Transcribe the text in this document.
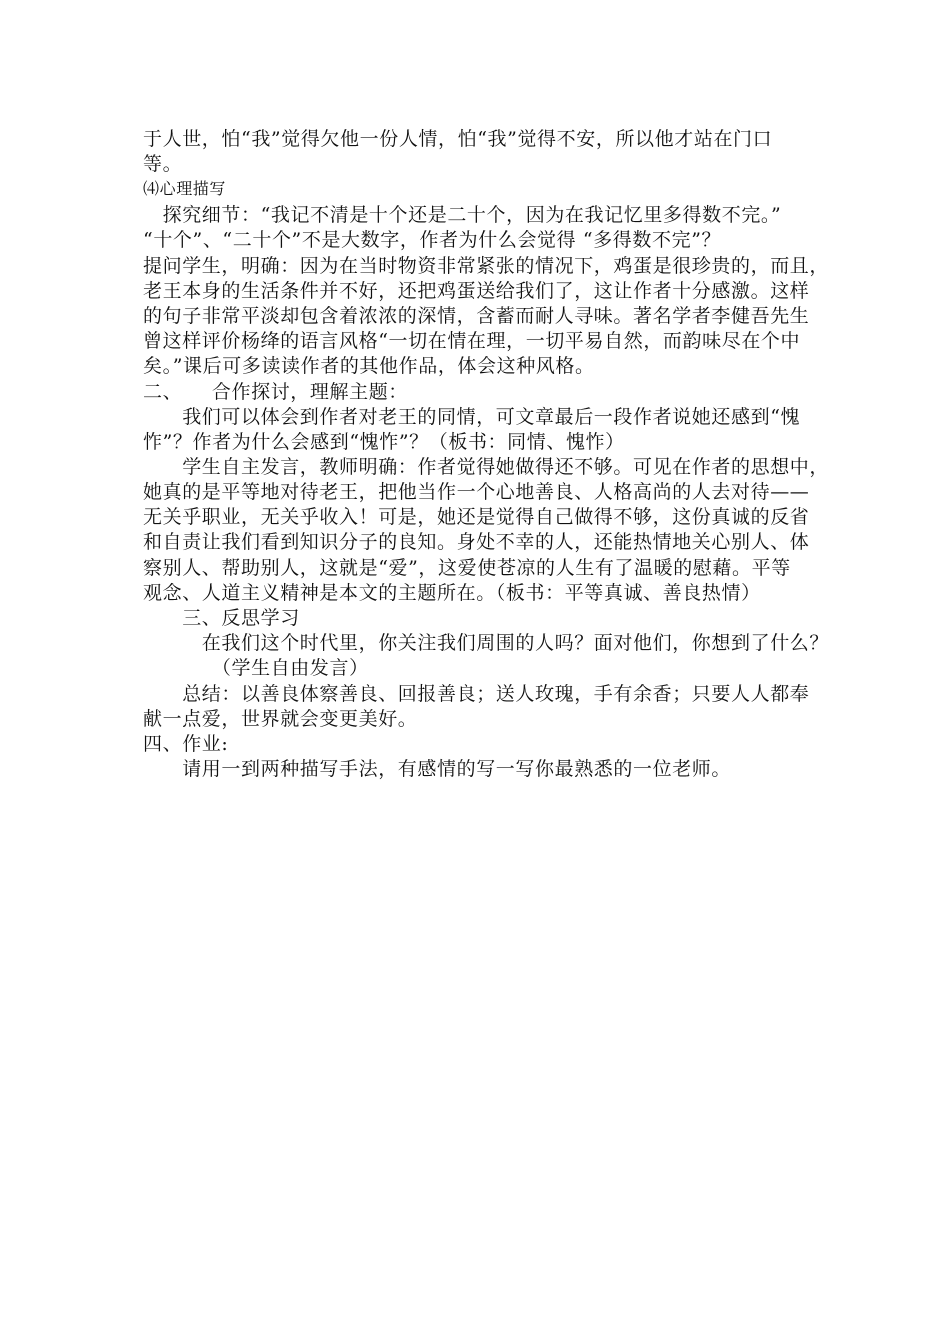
于人世，怕“我”觉得欠他一份人情，怕“我”觉得不安，所以他才站在门口
等。
⑷心理描写
　探究细节：“我记不清是十个还是二十个，因为在我记忆里多得数不完。”
“十个”、“二十个”不是大数字，作者为什么会觉得 “多得数不完”？
提问学生，明确：因为在当时物资非常紧张的情况下，鸡蛋是很珍贵的，而且，
老王本身的生活条件并不好，还把鸡蛋送给我们了，这让作者十分感激。这样
的句子非常平淡却包含着浓浓的深情，含蓄而耐人寻味。著名学者李健吾先生
曾这样评价杨绛的语言风格“一切在情在理，一切平易自然，而韵味尽在个中
矣。”课后可多读读作者的其他作品，体会这种风格。
二、　　合作探讨，理解主题：
　　我们可以体会到作者对老王的同情，可文章最后一段作者说她还感到“愧
怍”？作者为什么会感到“愧怍”？（板书：同情、愧怍）
　　学生自主发言，教师明确：作者觉得她做得还不够。可见在作者的思想中，
她真的是平等地对待老王，把他当作一个心地善良、人格高尚的人去对待——
无关乎职业，无关乎收入！可是，她还是觉得自己做得不够，这份真诚的反省
和自责让我们看到知识分子的良知。身处不幸的人，还能热情地关心别人、体
察别人、帮助别人，这就是“爱”，这爱使苍凉的人生有了温暖的慰藉。平等
观念、人道主义精神是本文的主题所在。（板书：平等真诚、善良热情）
　　三、反思学习
　　　在我们这个时代里，你关注我们周围的人吗？面对他们，你想到了什么？
　　　　（学生自由发言）
　　总结：以善良体察善良、回报善良；送人玫瑰，手有余香；只要人人都奉
献一点爱，世界就会变更美好。
四、作业:
　　请用一到两种描写手法，有感情的写一写你最熟悉的一位老师。
